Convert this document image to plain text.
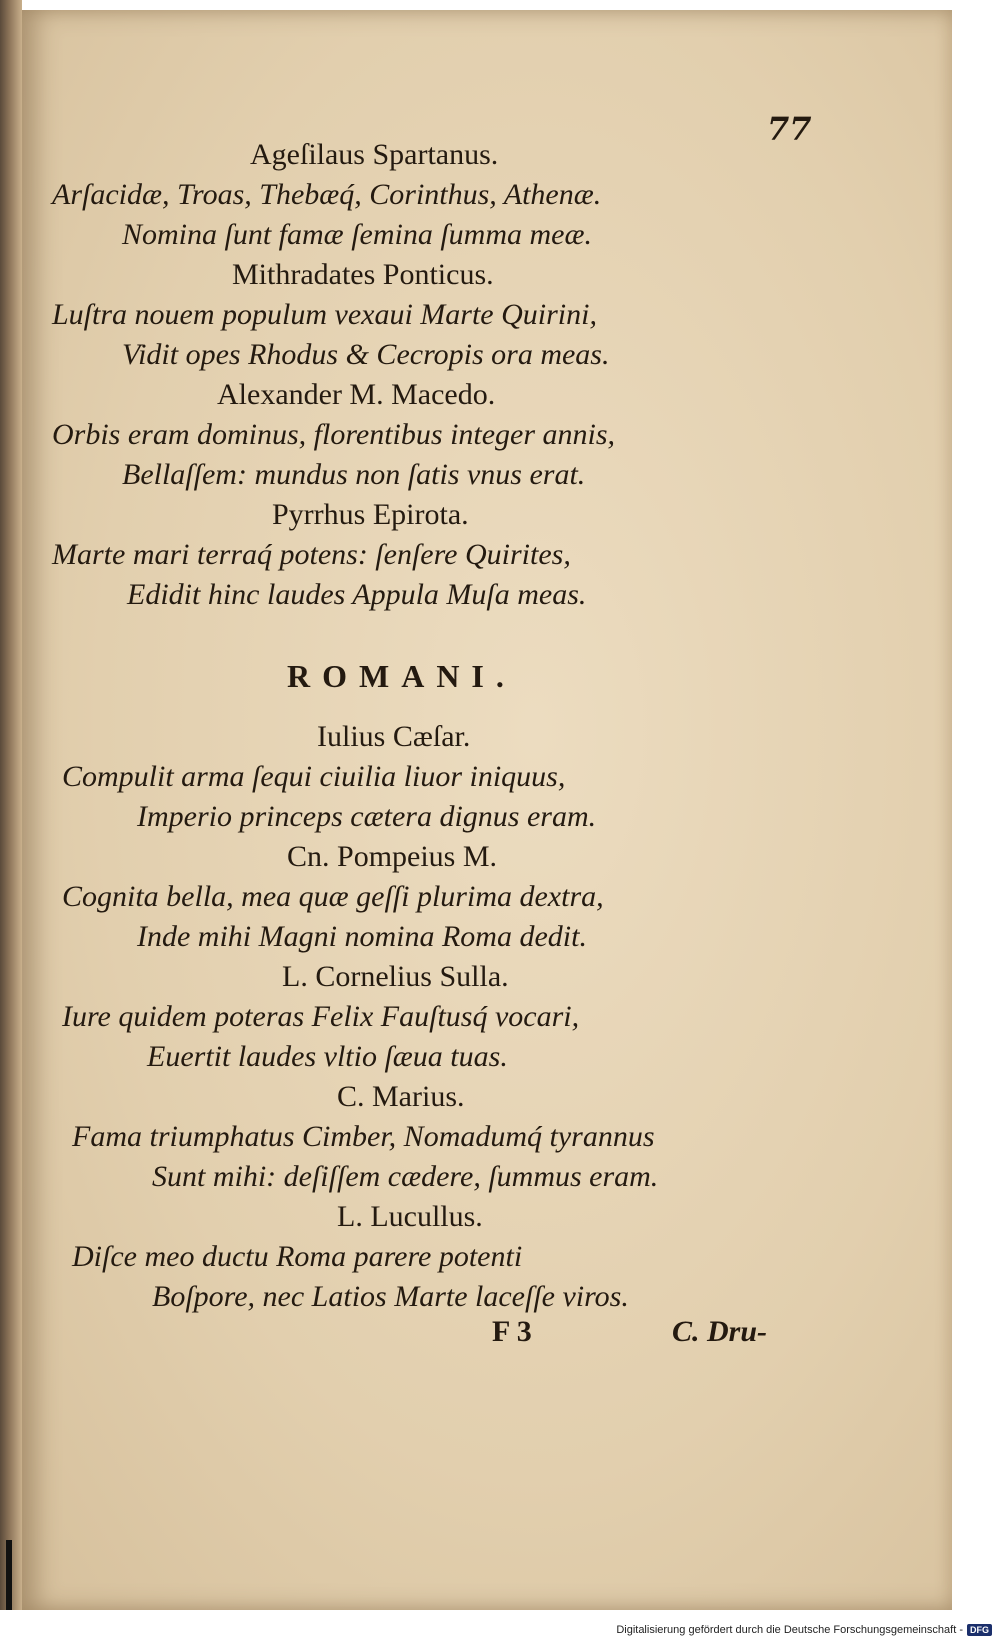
77
Ageſilaus Spartanus.
Arſacidæ, Troas, Thebæq́, Corinthus, Athenæ.
Nomina ſunt famæ ſemina ſumma meæ.
Mithradates Ponticus.
Luſtra nouem populum vexaui Marte Quirini,
Vidit opes Rhodus & Cecropis ora meas.
Alexander M. Macedo.
Orbis eram dominus, florentibus integer annis,
Bellaſſem: mundus non ſatis vnus erat.
Pyrrhus Epirota.
Marte mari terraq́ potens: ſenſere Quirites,
Edidit hinc laudes Appula Muſa meas.
ROMANI.
Iulius Cæſar.
Compulit arma ſequi ciuilia liuor iniquus,
Imperio princeps cætera dignus eram.
Cn. Pompeius M.
Cognita bella, mea quæ geſſi plurima dextra,
Inde mihi Magni nomina Roma dedit.
L. Cornelius Sulla.
Iure quidem poteras Felix Fauſtusq́ vocari,
Euertit laudes vltio ſæua tuas.
C. Marius.
Fama triumphatus Cimber, Nomadumq́ tyrannus
Sunt mihi: deſiſſem cædere, ſummus eram.
L. Lucullus.
Diſce meo ductu Roma parere potenti
Boſpore, nec Latios Marte laceſſe viros.
F 3	C. Dru-
Digitalisierung gefördert durch die Deutsche Forschungsgemeinschaft - DFG
